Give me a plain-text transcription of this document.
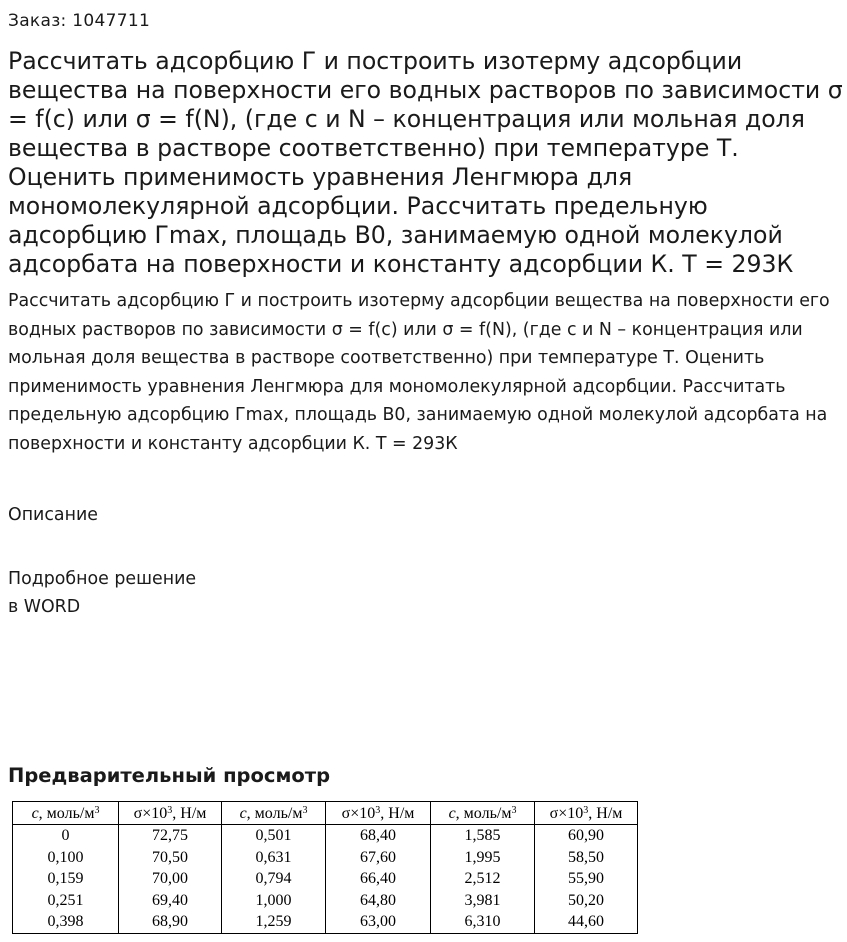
Заказ: 1047711
Рассчитать адсорбцию Г и построить изотерму адсорбции вещества на поверхности его водных растворов по зависимости σ = f(c) или σ = f(N), (где c и N – концентрация или мольная доля вещества в растворе соответственно) при температуре Т. Оценить применимость уравнения Ленгмюра для мономолекулярной адсорбции. Рассчитать предельную адсорбцию Гmax, площадь В0, занимаемую одной молекулой адсорбата на поверхности и константу адсорбции К. Т = 293К

Рассчитать адсорбцию Г и построить изотерму адсорбции вещества на поверхности его водных растворов по зависимости σ = f(c) или σ = f(N), (где c и N – концентрация или мольная доля вещества в растворе соответственно) при температуре Т. Оценить применимость уравнения Ленгмюра для мономолекулярной адсорбции. Рассчитать предельную адсорбцию Гmax, площадь В0, занимаемую одной молекулой адсорбата на поверхности и константу адсорбции К. Т = 293К

Описание
Подробное решение
в WORD
Предварительный просмотр
c, моль/$м^3$	$\sigma\times 10^3$, Н/м	c, моль/$м^3$	$\sigma\times 10^3$, Н/м	c, моль/$м^3$	$\sigma\times 10^3$, Н/м
0	72,75	0,501	68,40	1,585	60,90
0,100	70,50	0,631	67,60	1,995	58,50
0,159	70,00	0,794	66,40	2,512	55,90
0,251	69,40	1,000	64,80	3,981	50,20
0,398	68,90	1,259	63,00	6,310	44,60
